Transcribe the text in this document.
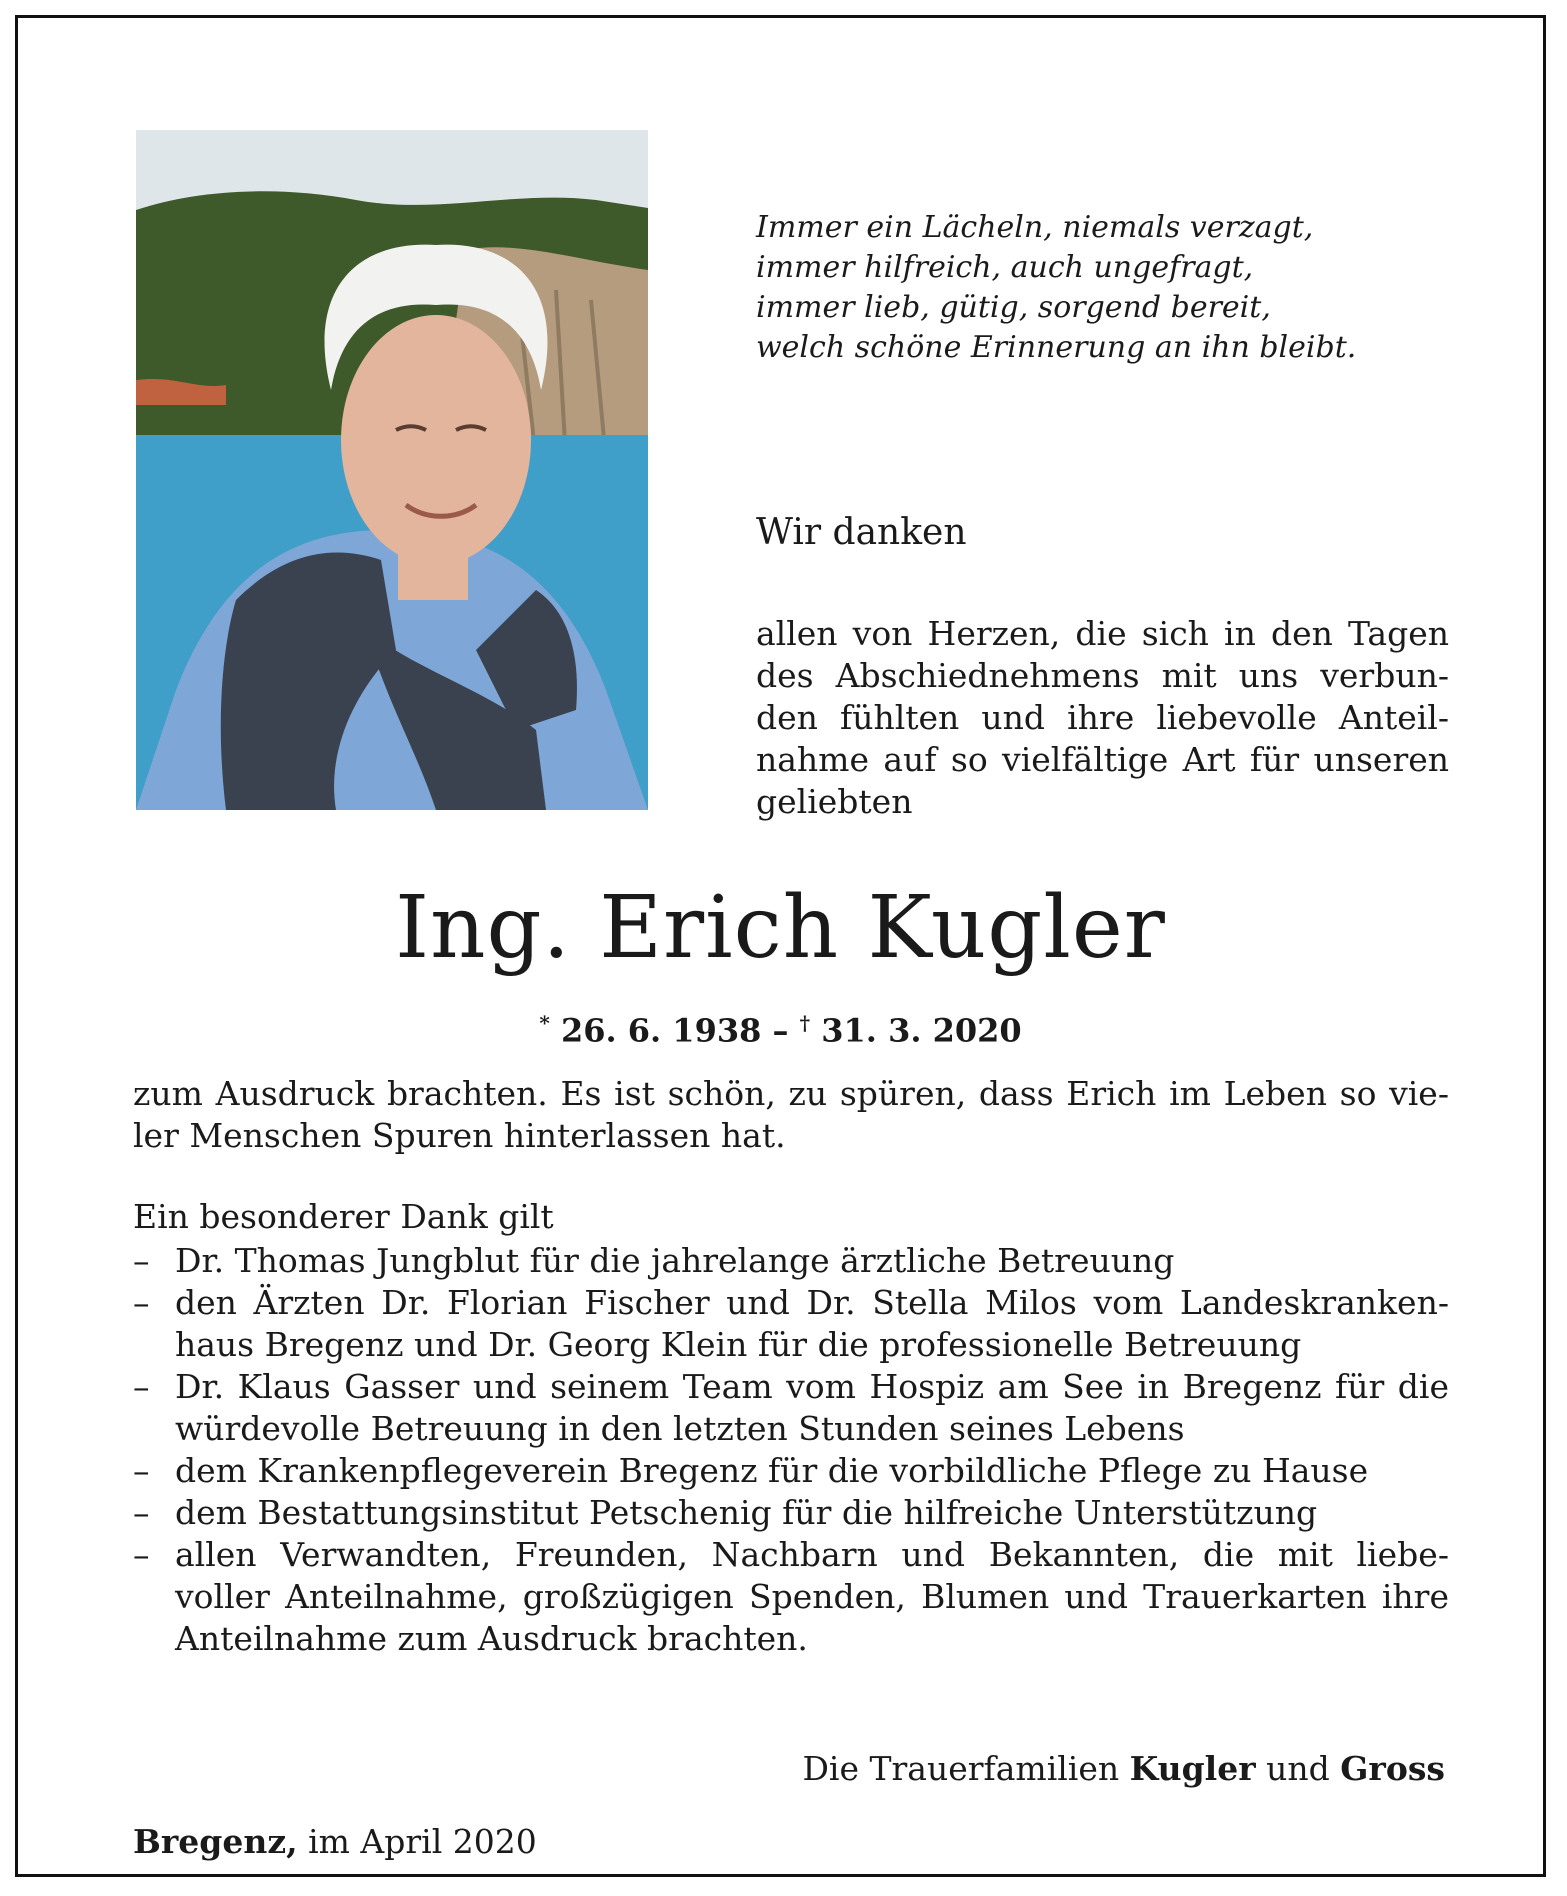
Immer ein Lächeln, niemals verzagt,
immer hilfreich, auch ungefragt,
immer lieb, gütig, sorgend bereit,
welch schöne Erinnerung an ihn bleibt.
Wir danken
allen von Herzen, die sich in den Tagen
des Abschiednehmens mit uns verbun-
den fühlten und ihre liebevolle Anteil-
nahme auf so vielfältige Art für unseren
geliebten
Ing. Erich Kugler
* 26. 6. 1938 – † 31. 3. 2020
zum Ausdruck brachten. Es ist schön, zu spüren, dass Erich im Leben so vie-
ler Menschen Spuren hinterlassen hat.
Ein besonderer Dank gilt
– Dr. Thomas Jungblut für die jahrelange ärztliche Betreuung
– den Ärzten Dr. Florian Fischer und Dr. Stella Milos vom Landeskranken-
haus Bregenz und Dr. Georg Klein für die professionelle Betreuung
– Dr. Klaus Gasser und seinem Team vom Hospiz am See in Bregenz für die
würdevolle Betreuung in den letzten Stunden seines Lebens
– dem Krankenpflegeverein Bregenz für die vorbildliche Pflege zu Hause
– dem Bestattungsinstitut Petschenig für die hilfreiche Unterstützung
– allen Verwandten, Freunden, Nachbarn und Bekannten, die mit liebe-
voller Anteilnahme, großzügigen Spenden, Blumen und Trauerkarten ihre
Anteilnahme zum Ausdruck brachten.
Die Trauerfamilien Kugler und Gross
Bregenz, im April 2020
